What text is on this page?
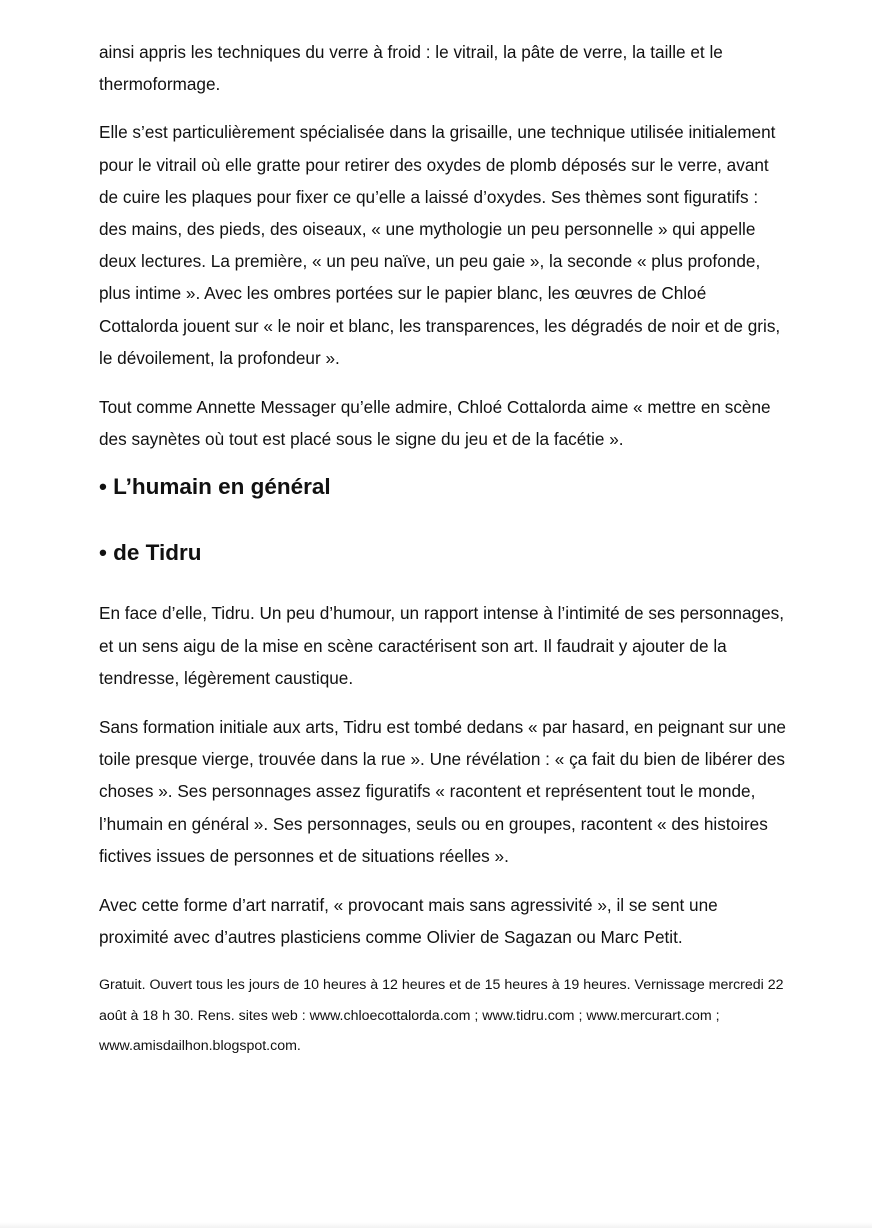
ainsi appris les techniques du verre à froid : le vitrail, la pâte de verre, la taille et le thermoformage.

Elle s’est particulièrement spécialisée dans la grisaille, une technique utilisée initialement pour le vitrail où elle gratte pour retirer des oxydes de plomb déposés sur le verre, avant de cuire les plaques pour fixer ce qu’elle a laissé d’oxydes. Ses thèmes sont figuratifs : des mains, des pieds, des oiseaux, « une mythologie un peu personnelle » qui appelle deux lectures. La première, « un peu naïve, un peu gaie », la seconde « plus profonde, plus intime ». Avec les ombres portées sur le papier blanc, les œuvres de Chloé Cottalorda jouent sur « le noir et blanc, les transparences, les dégradés de noir et de gris, le dévoilement, la profondeur ».

Tout comme Annette Messager qu’elle admire, Chloé Cottalorda aime « mettre en scène des saynètes où tout est placé sous le signe du jeu et de la facétie ».

• L’humain en général
• de Tidru

En face d’elle, Tidru. Un peu d’humour, un rapport intense à l’intimité de ses personnages, et un sens aigu de la mise en scène caractérisent son art. Il faudrait y ajouter de la tendresse, légèrement caustique.

Sans formation initiale aux arts, Tidru est tombé dedans « par hasard, en peignant sur une toile presque vierge, trouvée dans la rue ». Une révélation : « ça fait du bien de libérer des choses ». Ses personnages assez figuratifs « racontent et représentent tout le monde, l’humain en général ». Ses personnages, seuls ou en groupes, racontent « des histoires fictives issues de personnes et de situations réelles ».

Avec cette forme d’art narratif, « provocant mais sans agressivité », il se sent une proximité avec d’autres plasticiens comme Olivier de Sagazan ou Marc Petit.

Gratuit. Ouvert tous les jours de 10 heures à 12 heures et de 15 heures à 19 heures. Vernissage mercredi 22 août à 18 h 30. Rens. sites web : www.chloecottalorda.com ; www.tidru.com ; www.mercurart.com ; www.amisdailhon.blogspot.com.
